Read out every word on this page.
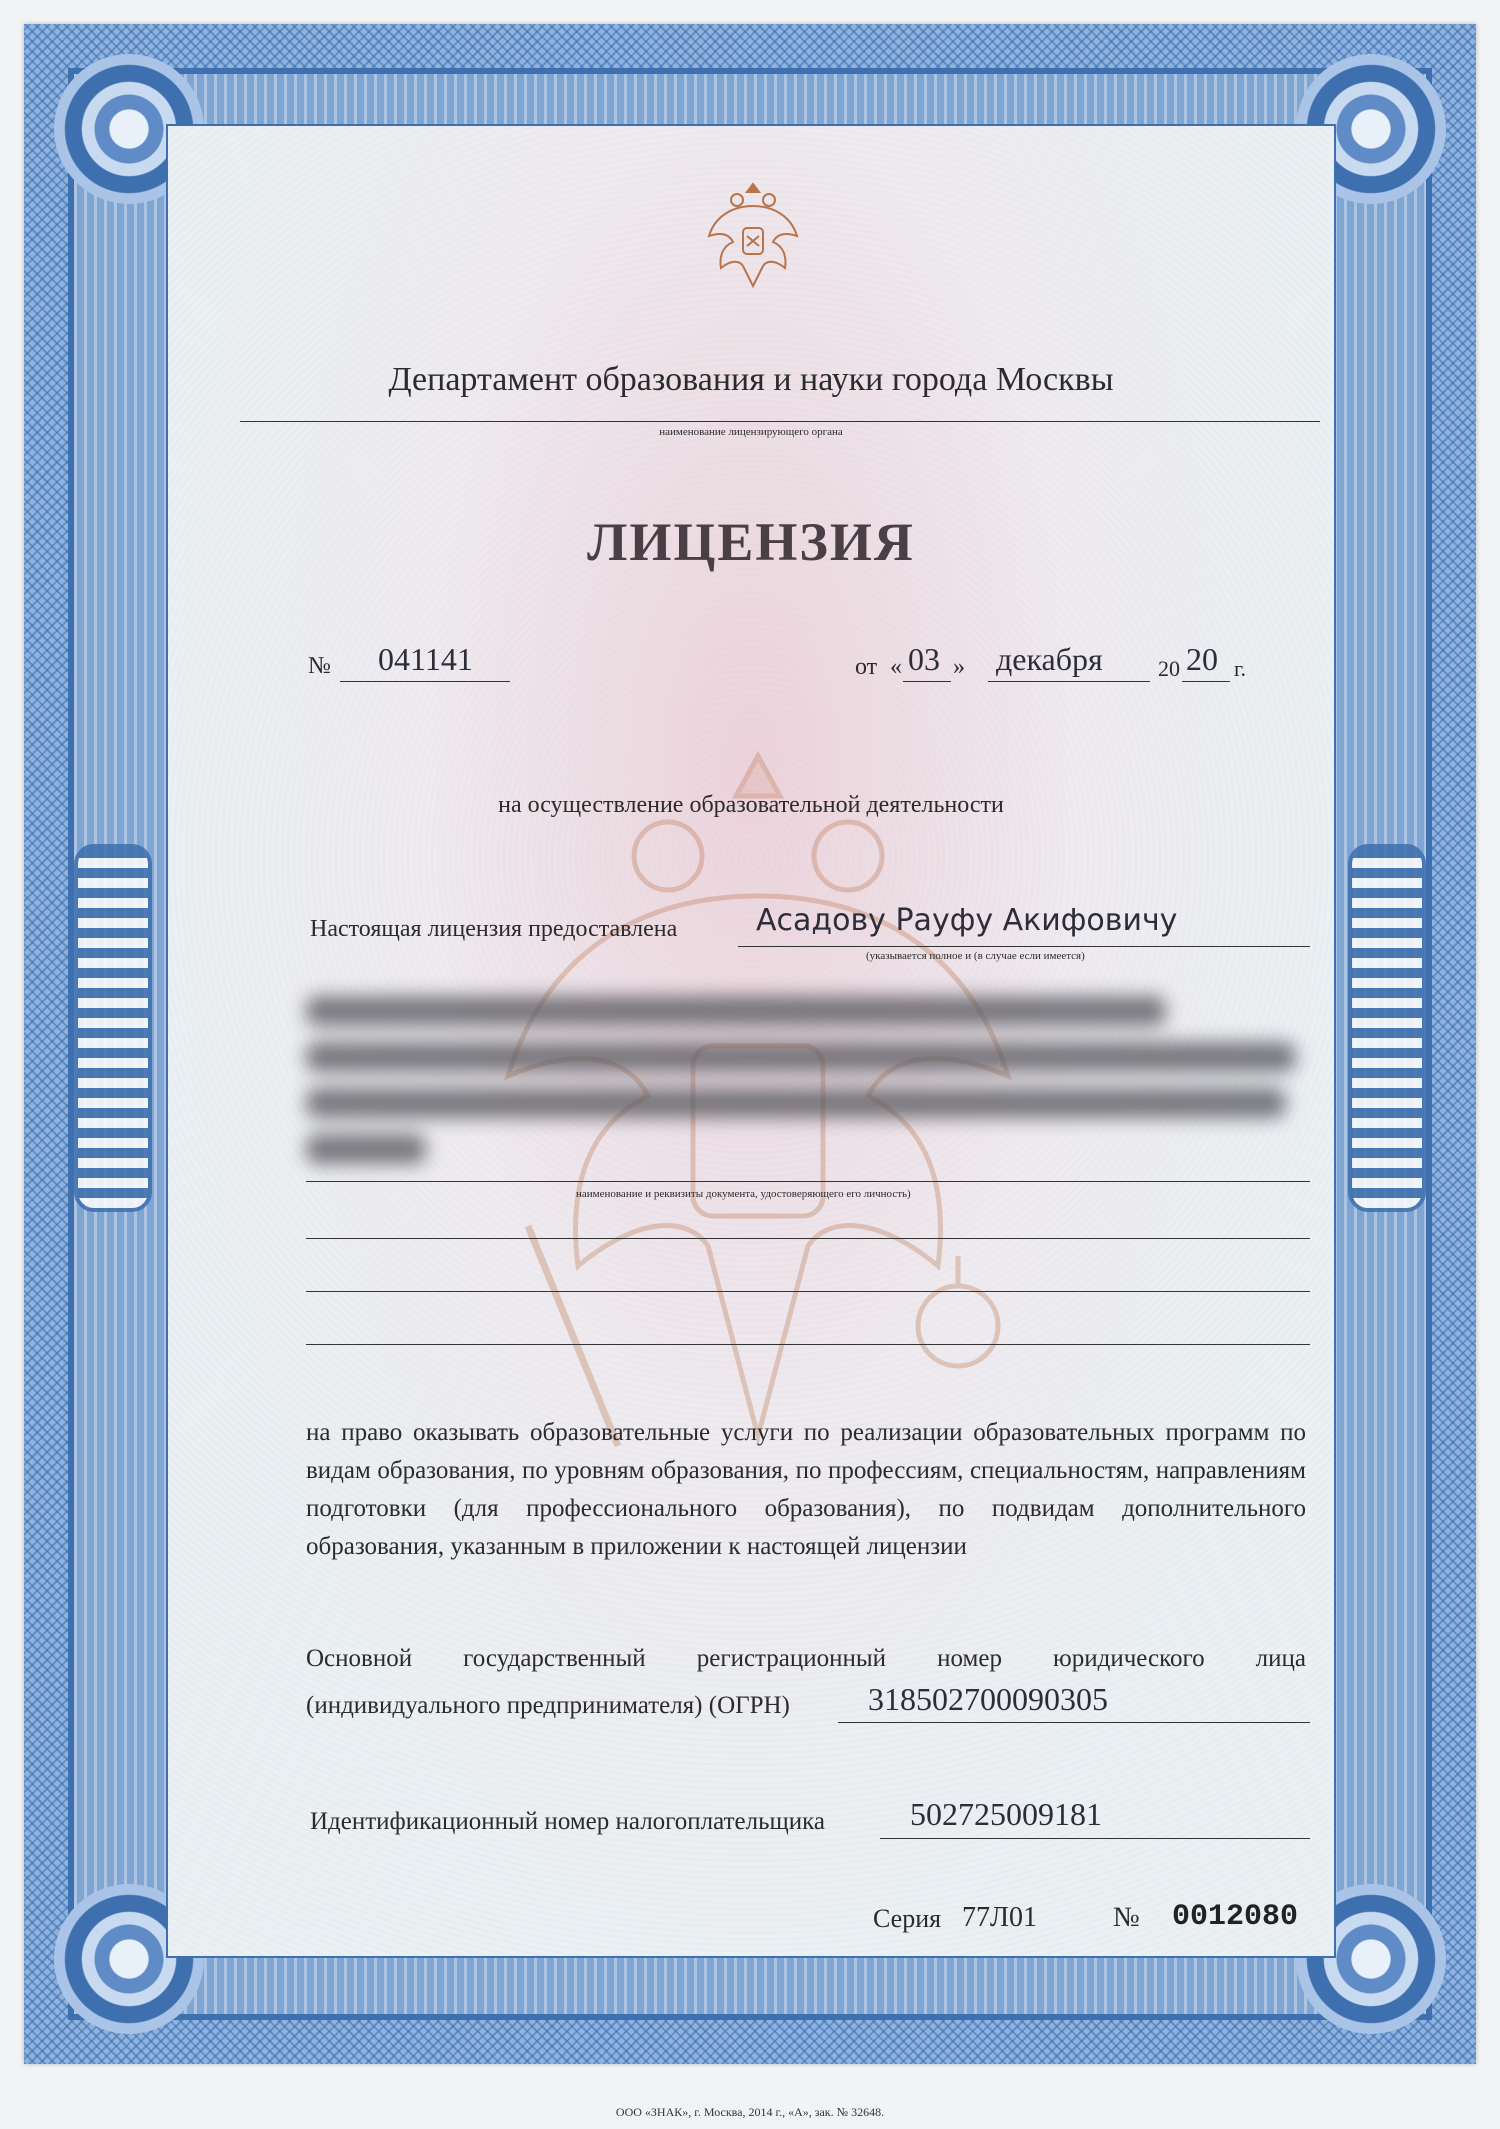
Департамент образования и науки города Москвы
наименование лицензирующего органа
ЛИЦЕНЗИЯ
№ 041141	от « 03 » декабря	20 20 г.
на осуществление образовательной деятельности
Настоящая лицензия предоставлена	Асадову Рауфу Акифовичу
(указывается полное и (в случае если имеется)
наименование и реквизиты документа, удостоверяющего его личность)
на право оказывать образовательные услуги по реализации образовательных программ по видам образования, по уровням образования, по профессиям, специальностям, направлениям подготовки (для профессионального образования), по подвидам дополнительного образования, указанным в приложении к настоящей лицензии
Основной государственный регистрационный номер юридического лица
(индивидуального предпринимателя) (ОГРН) 318502700090305
Идентификационный номер налогоплательщика	502725009181
Серия 77Л01	№ 0012080
ООО «ЗНАК», г. Москва, 2014 г., «А», зак. № 32648.
